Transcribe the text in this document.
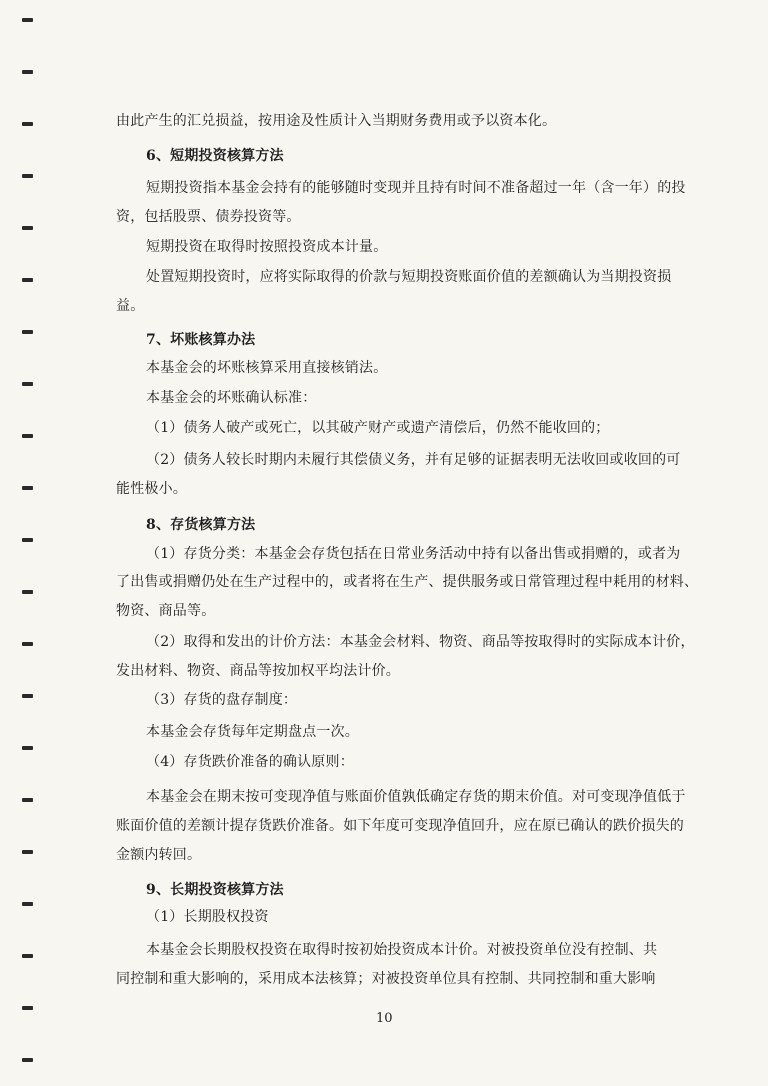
由此产生的汇兑损益，按用途及性质计入当期财务费用或予以资本化。
6、短期投资核算方法
短期投资指本基金会持有的能够随时变现并且持有时间不准备超过一年（含一年）的投
资，包括股票、债券投资等。
短期投资在取得时按照投资成本计量。
处置短期投资时，应将实际取得的价款与短期投资账面价值的差额确认为当期投资损
益。
7、坏账核算办法
本基金会的坏账核算采用直接核销法。
本基金会的坏账确认标准：
（1）债务人破产或死亡，以其破产财产或遗产清偿后，仍然不能收回的；
（2）债务人较长时期内未履行其偿债义务，并有足够的证据表明无法收回或收回的可
能性极小。
8、存货核算方法
（1）存货分类：本基金会存货包括在日常业务活动中持有以备出售或捐赠的，或者为
了出售或捐赠仍处在生产过程中的，或者将在生产、提供服务或日常管理过程中耗用的材料、
物资、商品等。
（2）取得和发出的计价方法：本基金会材料、物资、商品等按取得时的实际成本计价，
发出材料、物资、商品等按加权平均法计价。
（3）存货的盘存制度：
本基金会存货每年定期盘点一次。
（4）存货跌价准备的确认原则：
本基金会在期末按可变现净值与账面价值孰低确定存货的期末价值。对可变现净值低于
账面价值的差额计提存货跌价准备。如下年度可变现净值回升，应在原已确认的跌价损失的
金额内转回。
9、长期投资核算方法
（1）长期股权投资
本基金会长期股权投资在取得时按初始投资成本计价。对被投资单位没有控制、共
同控制和重大影响的，采用成本法核算；对被投资单位具有控制、共同控制和重大影响
10
